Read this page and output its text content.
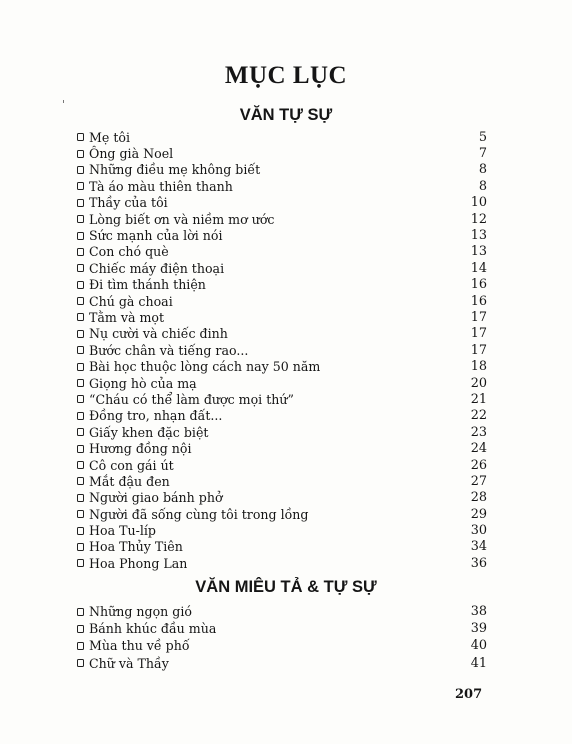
MỤC LỤC
VĂN TỰ SỰ
Mẹ tôi	5
Ông già Noel	7
Những điều mẹ không biết	8
Tà áo màu thiên thanh	8
Thầy của tôi	10
Lòng biết ơn và niềm mơ ước	12
Sức mạnh của lời nói	13
Con chó què	13
Chiếc máy điện thoại	14
Đi tìm thánh thiện	16
Chú gà choai	16
Tằm và mọt	17
Nụ cười và chiếc đinh	17
Bước chân và tiếng rao...	17
Bài học thuộc lòng cách nay 50 năm	18
Giọng hò của mạ	20
“Cháu có thể làm được mọi thứ”	21
Đồng tro, nhạn đất...	22
Giấy khen đặc biệt	23
Hương đồng nội	24
Cô con gái út	26
Mắt đậu đen	27
Người giao bánh phở	28
Người đã sống cùng tôi trong lồng	29
Hoa Tu-líp	30
Hoa Thủy Tiên	34
Hoa Phong Lan	36
VĂN MIÊU TẢ & TỰ SỰ
Những ngọn gió	38
Bánh khúc đầu mùa	39
Mùa thu về phố	40
Chữ và Thầy	41
207
